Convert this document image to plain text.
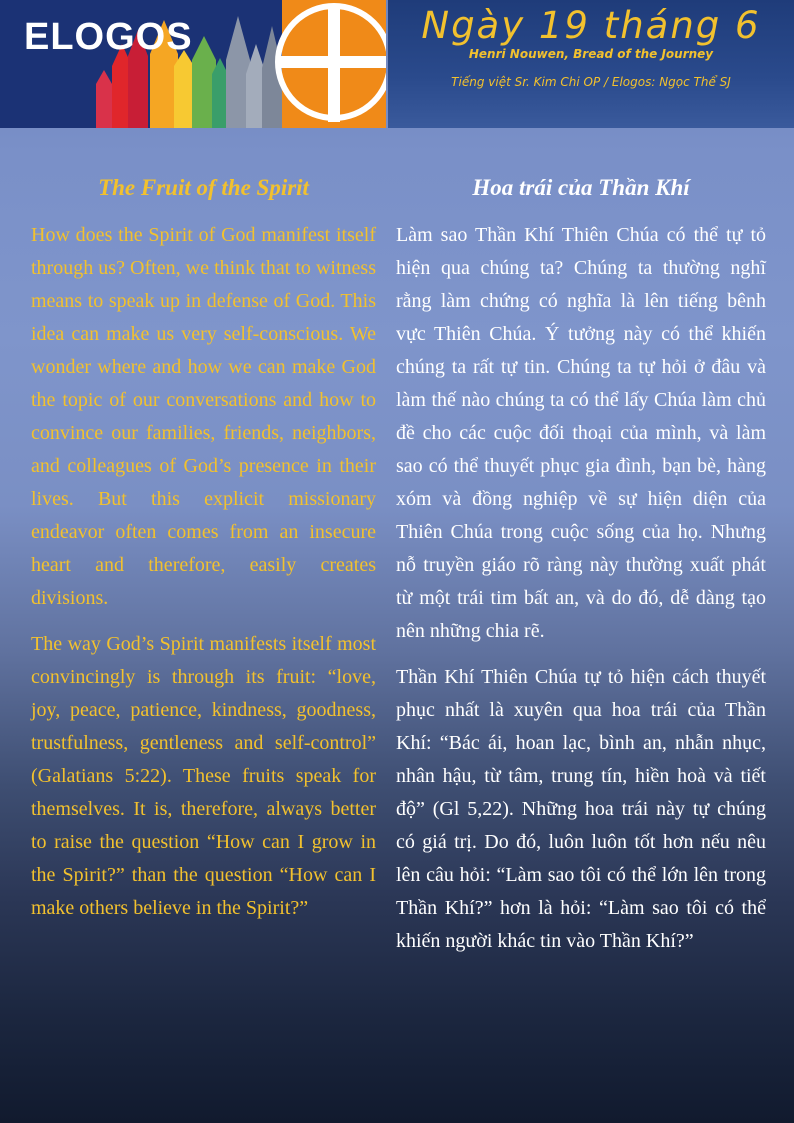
ELOGOS	Ngày 19 tháng 6
Henri Nouwen, Bread of the Journey
Tiếng việt Sr. Kim Chi OP / Elogos: Ngọc Thể SJ
The Fruit of the Spirit

How does the Spirit of God manifest itself through us? Often, we think that to witness means to speak up in defense of God. This idea can make us very self-conscious. We wonder where and how we can make God the topic of our conversations and how to convince our families, friends, neighbors, and colleagues of God’s presence in their lives. But this explicit missionary endeavor often comes from an insecure heart and therefore, easily creates divisions.

The way God’s Spirit manifests itself most convincingly is through its fruit: “love, joy, peace, patience, kindness, goodness, trustfulness, gentleness and self-control” (Galatians 5:22). These fruits speak for themselves. It is, therefore, always better to raise the question “How can I grow in the Spirit?” than the question “How can I make others believe in the Spirit?”

Hoa trái của Thần Khí

Làm sao Thần Khí Thiên Chúa có thể tự tỏ hiện qua chúng ta? Chúng ta thường nghĩ rằng làm chứng có nghĩa là lên tiếng bênh vực Thiên Chúa. Ý tưởng này có thể khiến chúng ta rất tự tin. Chúng ta tự hỏi ở đâu và làm thế nào chúng ta có thể lấy Chúa làm chủ đề cho các cuộc đối thoại của mình, và làm sao có thể thuyết phục gia đình, bạn bè, hàng xóm và đồng nghiệp về sự hiện diện của Thiên Chúa trong cuộc sống của họ. Nhưng nỗ truyền giáo rõ ràng này thường xuất phát từ một trái tim bất an, và do đó, dễ dàng tạo nên những chia rẽ.

Thần Khí Thiên Chúa tự tỏ hiện cách thuyết phục nhất là xuyên qua hoa trái của Thần Khí: “Bác ái, hoan lạc, bình an, nhẫn nhục, nhân hậu, từ tâm, trung tín, hiền hoà và tiết độ” (Gl 5,22). Những hoa trái này tự chúng có giá trị. Do đó, luôn luôn tốt hơn nếu nêu lên câu hỏi: “Làm sao tôi có thể lớn lên trong Thần Khí?” hơn là hỏi: “Làm sao tôi có thể khiến người khác tin vào Thần Khí?”
